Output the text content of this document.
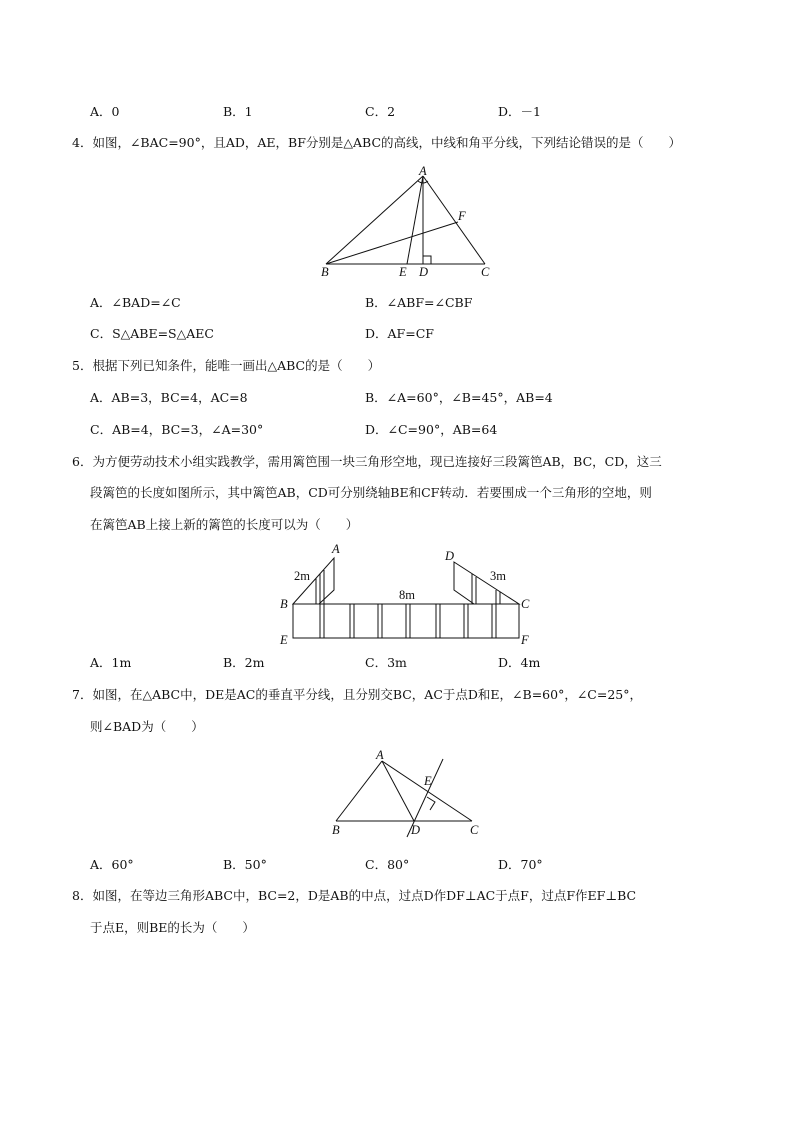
A．0	B．1	C．2	D．－1
4．如图，∠BAC=90°，且AD，AE，BF分别是△ABC的高线，中线和角平分线，下列结论错误的是（　　）
A
F
B	E D	C
A．∠BAD=∠C	B．∠ABF=∠CBF
C．S△ABE=S△AEC	D．AF=CF
5．根据下列已知条件，能唯一画出△ABC的是（　　）
A．AB=3，BC=4，AC=8	B．∠A=60°，∠B=45°，AB=4
C．AB=4，BC=3，∠A=30°	D．∠C=90°，AB=64
6．为方便劳动技术小组实践教学，需用篱笆围一块三角形空地，现已连接好三段篱笆AB，BC，CD，这三
段篱笆的长度如图所示，其中篱笆AB，CD可分别绕轴BE和CF转动．若要围成一个三角形的空地，则
在篱笆AB上接上新的篱笆的长度可以为（　　）
A
2m
B
E
8m
D
3m
C
F
A．1m	B．2m	C．3m	D．4m
7．如图，在△ABC中，DE是AC的垂直平分线，且分别交BC，AC于点D和E，∠B=60°，∠C=25°，
则∠BAD为（　　）
A
E
B	D	C
A．60°	B．50°	C．80°	D．70°
8．如图，在等边三角形ABC中，BC=2，D是AB的中点，过点D作DF⊥AC于点F，过点F作EF⊥BC
于点E，则BE的长为（　　）
